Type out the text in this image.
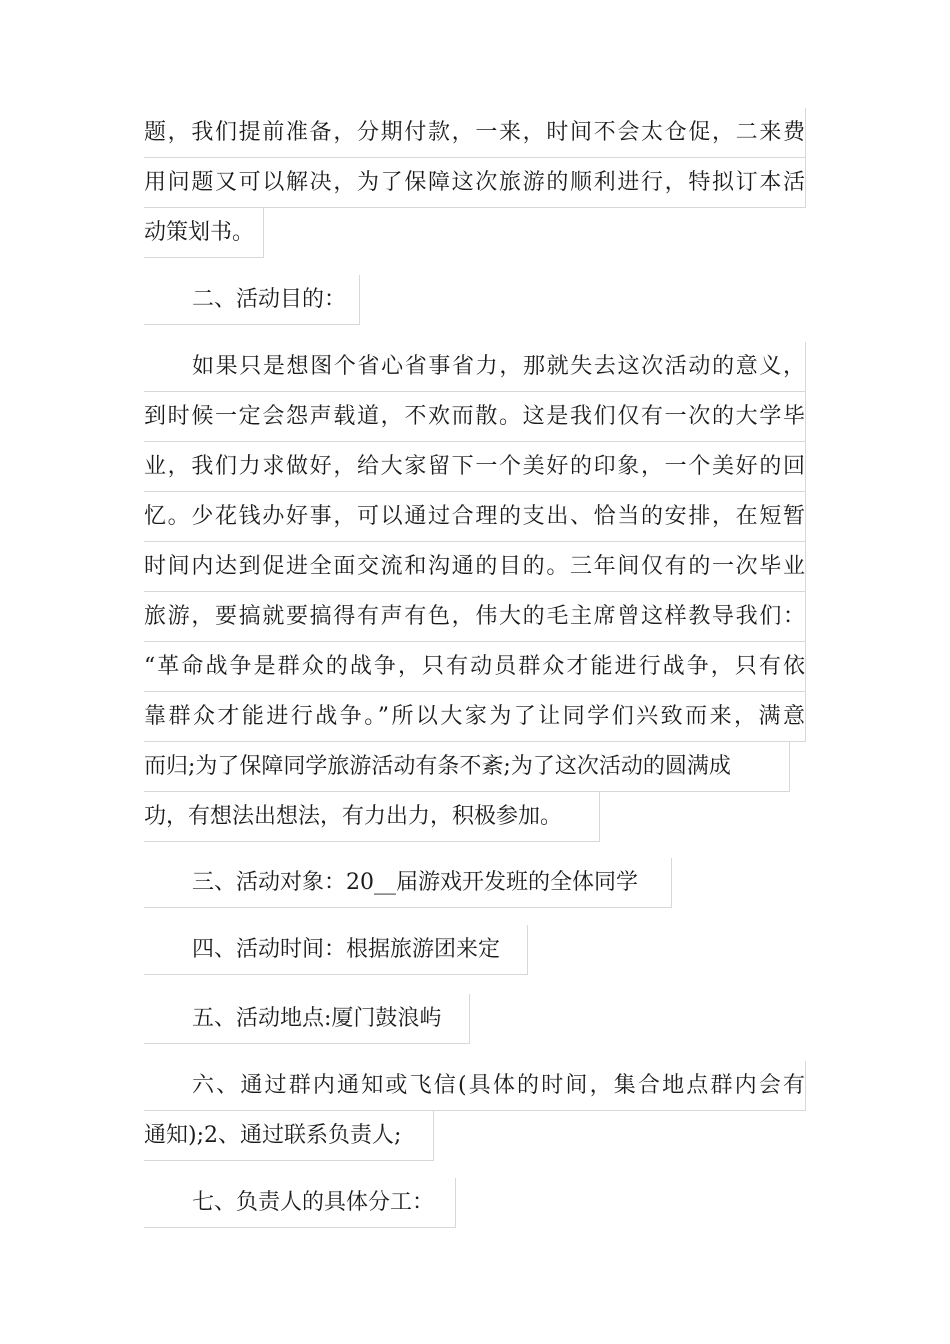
题，我们提前准备，分期付款，一来，时间不会太仓促，二来费
用问题又可以解决，为了保障这次旅游的顺利进行，特拟订本活
动策划书。
二、活动目的：
如果只是想图个省心省事省力，那就失去这次活动的意义，
到时候一定会怨声载道，不欢而散。这是我们仅有一次的大学毕
业，我们力求做好，给大家留下一个美好的印象，一个美好的回
忆。少花钱办好事，可以通过合理的支出、恰当的安排，在短暂
时间内达到促进全面交流和沟通的目的。三年间仅有的一次毕业
旅游，要搞就要搞得有声有色，伟大的毛主席曾这样教导我们：
“革命战争是群众的战争，只有动员群众才能进行战争，只有依
靠群众才能进行战争。”所以大家为了让同学们兴致而来，满意
而归;为了保障同学旅游活动有条不紊;为了这次活动的圆满成
功，有想法出想法，有力出力，积极参加。
三、活动对象：20__届游戏开发班的全体同学
四、活动时间：根据旅游团来定
五、活动地点:厦门鼓浪屿
六、通过群内通知或飞信(具体的时间，集合地点群内会有
通知);2、通过联系负责人;
七、负责人的具体分工：
